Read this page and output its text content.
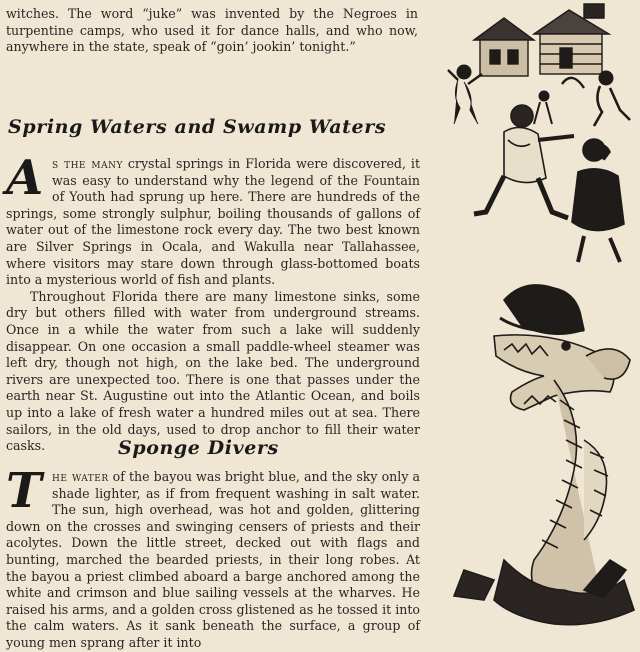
witches. The word “juke” was invented by the Negroes in turpentine camps, who used it for dance halls, and who now, anywhere in the state, speak of “goin’ jookin’ tonight.”

Spring Waters and Swamp Waters

As the many crystal springs in Florida were discovered, it was easy to understand why the legend of the Fountain of Youth had sprung up here. There are hundreds of the springs, some strongly sulphur, boiling thousands of gallons of water out of the limestone rock every day. The two best known are Silver Springs in Ocala, and Wakulla near Tallahassee, where visitors may stare down through glass-bottomed boats into a mysterious world of fish and plants.

Throughout Florida there are many limestone sinks, some dry but others filled with water from underground streams. Once in a while the water from such a lake will suddenly disappear. On one occasion a small paddle-wheel steamer was left dry, though not high, on the lake bed. The underground rivers are unexpected too. There is one that passes under the earth near St. Augustine out into the Atlantic Ocean, and boils up into a lake of fresh water a hundred miles out at sea. There sailors, in the old days, used to drop anchor to fill their water casks.	Sponge Divers

The water of the bayou was bright blue, and the sky only a shade lighter, as if from frequent washing in salt water. The sun, high overhead, was hot and golden, glittering down on the crosses and swinging censers of priests and their acolytes. Down the little street, decked out with flags and bunting, marched the bearded priests, in their long robes. At the bayou a priest climbed aboard a barge anchored among the white and crimson and blue sailing vessels at the wharves. He raised his arms, and a golden cross glistened as he tossed it into the calm waters. As it sank beneath the surface, a group of young men sprang after it into
